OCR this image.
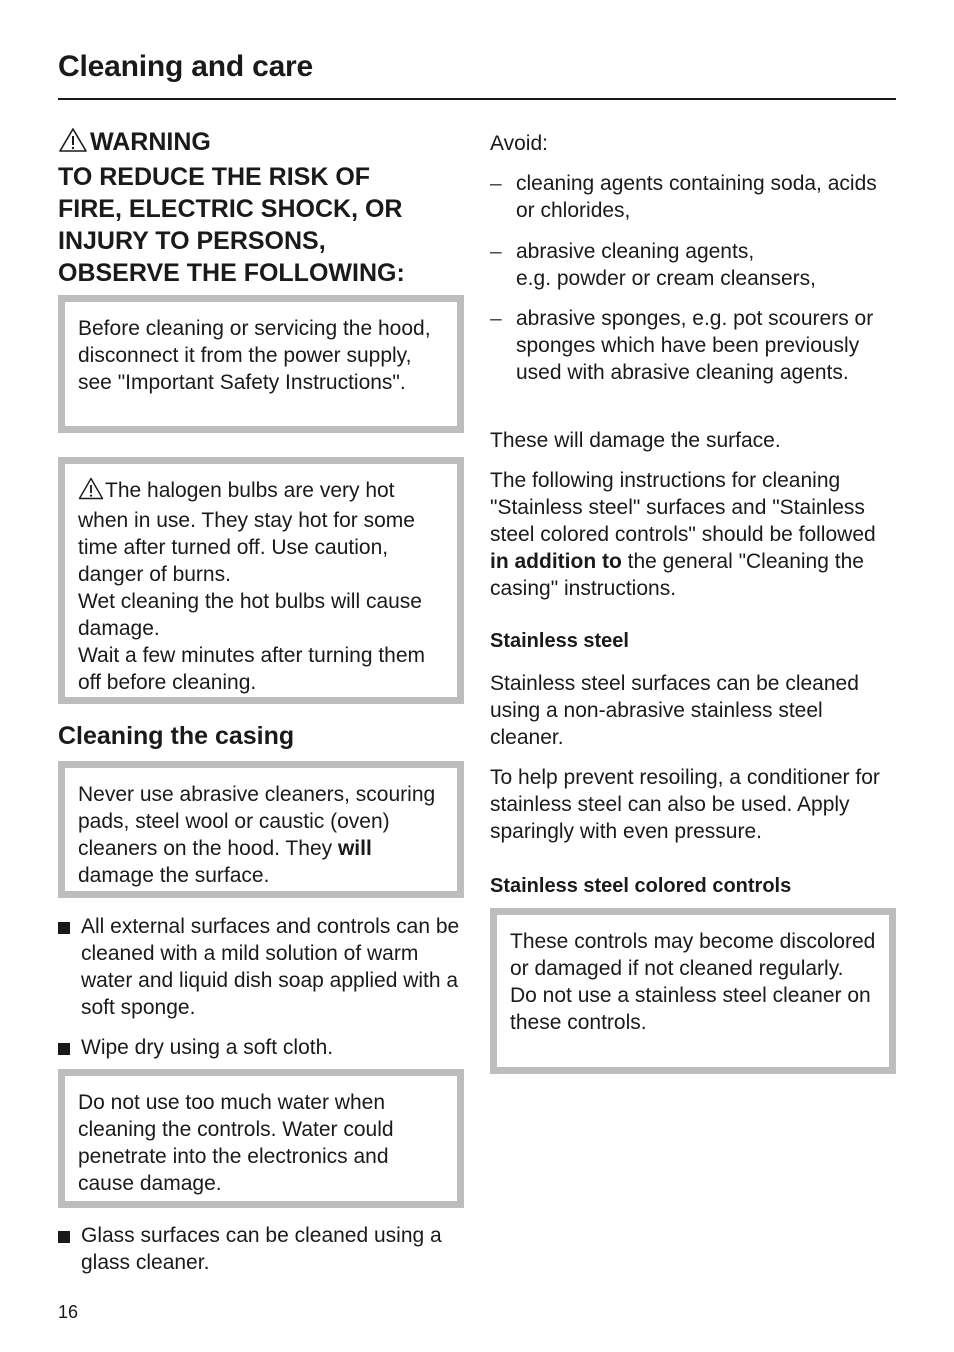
Cleaning and care
WARNING
TO REDUCE THE RISK OF
FIRE, ELECTRIC SHOCK, OR
INJURY TO PERSONS,
OBSERVE THE FOLLOWING:

Before cleaning or servicing the hood, disconnect it from the power supply, see "Important Safety Instructions".

The halogen bulbs are very hot when in use. They stay hot for some time after turned off. Use caution, danger of burns.

Wet cleaning the hot bulbs will cause damage.

Wait a few minutes after turning them off before cleaning.

Cleaning the casing

Never use abrasive cleaners, scouring pads, steel wool or caustic (oven) cleaners on the hood. They will damage the surface.

All external surfaces and controls can be cleaned with a mild solution of warm water and liquid dish soap applied with a soft sponge.
Wipe dry using a soft cloth.

Do not use too much water when cleaning the controls. Water could penetrate into the electronics and cause damage.

Glass surfaces can be cleaned using a glass cleaner.
16
Avoid:
– cleaning agents containing soda, acids or chlorides,
– abrasive cleaning agents,
e.g. powder or cream cleansers,
– abrasive sponges, e.g. pot scourers or sponges which have been previously used with abrasive cleaning agents.
These will damage the surface.
The following instructions for cleaning "Stainless steel" surfaces and "Stainless steel colored controls" should be followed in addition to the general "Cleaning the casing" instructions.
Stainless steel
Stainless steel surfaces can be cleaned using a non-abrasive stainless steel cleaner.
To help prevent resoiling, a conditioner for stainless steel can also be used. Apply sparingly with even pressure.
Stainless steel colored controls

These controls may become discolored or damaged if not cleaned regularly.

Do not use a stainless steel cleaner on these controls.
